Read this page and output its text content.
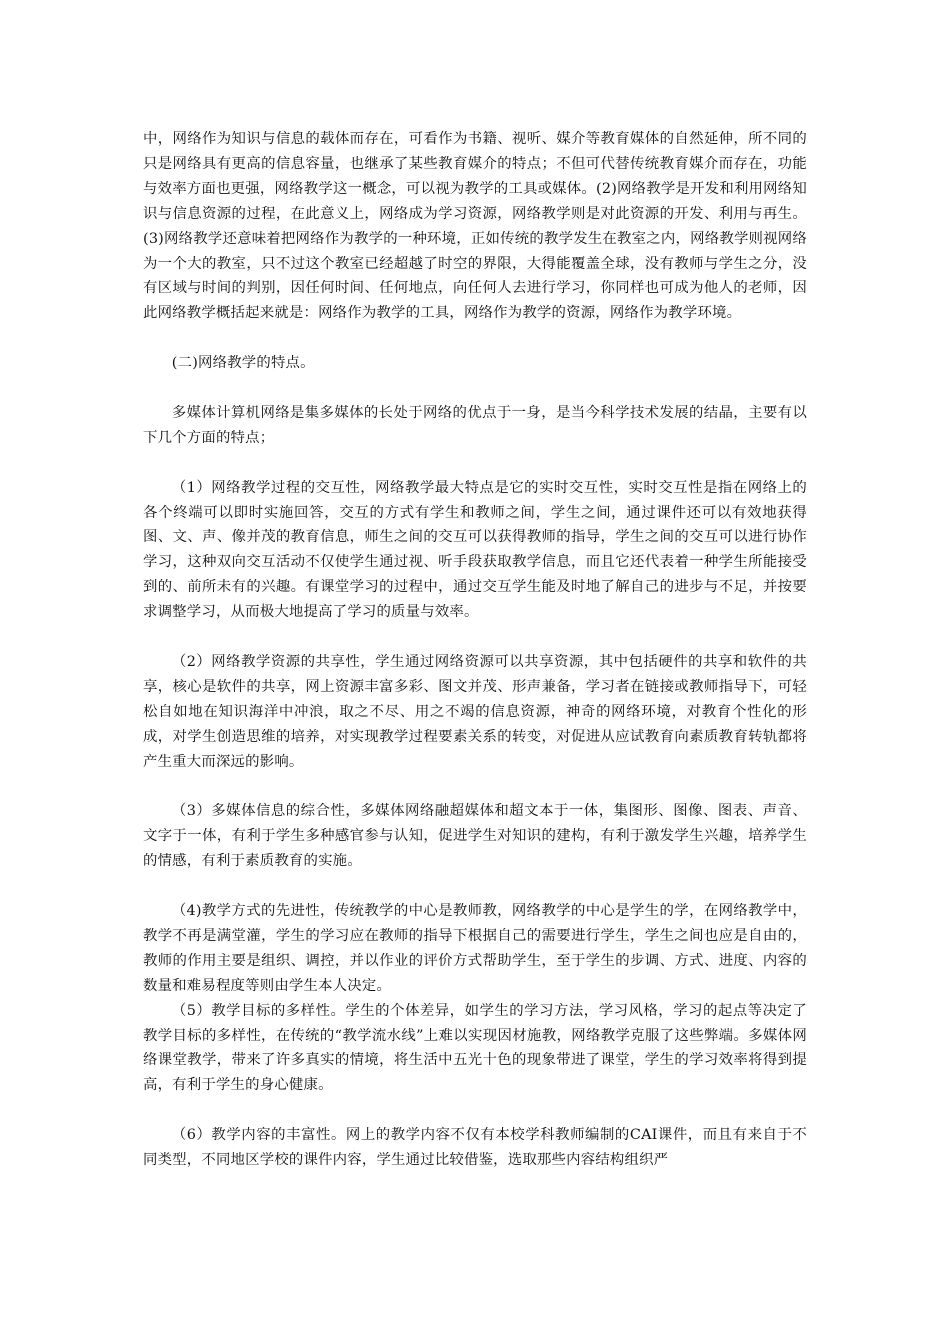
中，网络作为知识与信息的载体而存在，可看作为书籍、视听、媒介等教育媒体的自然延伸，所不同的只是网络具有更高的信息容量，也继承了某些教育媒介的特点；不但可代替传统教育媒介而存在，功能与效率方面也更强，网络教学这一概念，可以视为教学的工具或媒体。(2)网络教学是开发和利用网络知识与信息资源的过程，在此意义上，网络成为学习资源，网络教学则是对此资源的开发、利用与再生。(3)网络教学还意味着把网络作为教学的一种环境，正如传统的教学发生在教室之内，网络教学则视网络为一个大的教室，只不过这个教室已经超越了时空的界限，大得能覆盖全球，没有教师与学生之分，没有区域与时间的判别，因任何时间、任何地点，向任何人去进行学习，你同样也可成为他人的老师，因此网络教学概括起来就是：网络作为教学的工具，网络作为教学的资源，网络作为教学环境。

(二)网络教学的特点。

多媒体计算机网络是集多媒体的长处于网络的优点于一身，是当今科学技术发展的结晶，主要有以下几个方面的特点；

（1）网络教学过程的交互性，网络教学最大特点是它的实时交互性，实时交互性是指在网络上的各个终端可以即时实施回答，交互的方式有学生和教师之间，学生之间，通过课件还可以有效地获得图、文、声、像并茂的教育信息，师生之间的交互可以获得教师的指导，学生之间的交互可以进行协作学习，这种双向交互活动不仅使学生通过视、听手段获取教学信息，而且它还代表着一种学生所能接受到的、前所未有的兴趣。有课堂学习的过程中，通过交互学生能及时地了解自己的进步与不足，并按要求调整学习，从而极大地提高了学习的质量与效率。

（2）网络教学资源的共享性，学生通过网络资源可以共享资源，其中包括硬件的共享和软件的共享，核心是软件的共享，网上资源丰富多彩、图文并茂、形声兼备，学习者在链接或教师指导下，可轻松自如地在知识海洋中冲浪，取之不尽、用之不竭的信息资源，神奇的网络环境，对教育个性化的形成，对学生创造思维的培养，对实现教学过程要素关系的转变，对促进从应试教育向素质教育转轨都将产生重大而深远的影响。

（3）多媒体信息的综合性，多媒体网络融超媒体和超文本于一体，集图形、图像、图表、声音、文字于一体，有利于学生多种感官参与认知，促进学生对知识的建构，有利于激发学生兴趣，培养学生的情感，有利于素质教育的实施。

（4)教学方式的先进性，传统教学的中心是教师教，网络教学的中心是学生的学，在网络教学中，教学不再是满堂灌，学生的学习应在教师的指导下根据自己的需要进行学生，学生之间也应是自由的，教师的作用主要是组织、调控，并以作业的评价方式帮助学生，至于学生的步调、方式、进度、内容的数量和难易程度等则由学生本人决定。

（5）教学目标的多样性。学生的个体差异，如学生的学习方法，学习风格，学习的起点等决定了教学目标的多样性，在传统的“教学流水线”上难以实现因材施教，网络教学克服了这些弊端。多媒体网络课堂教学，带来了许多真实的情境，将生活中五光十色的现象带进了课堂，学生的学习效率将得到提高，有利于学生的身心健康。

（6）教学内容的丰富性。网上的教学内容不仅有本校学科教师编制的CAI课件，而且有来自于不同类型，不同地区学校的课件内容，学生通过比较借鉴，选取那些内容结构组织严
